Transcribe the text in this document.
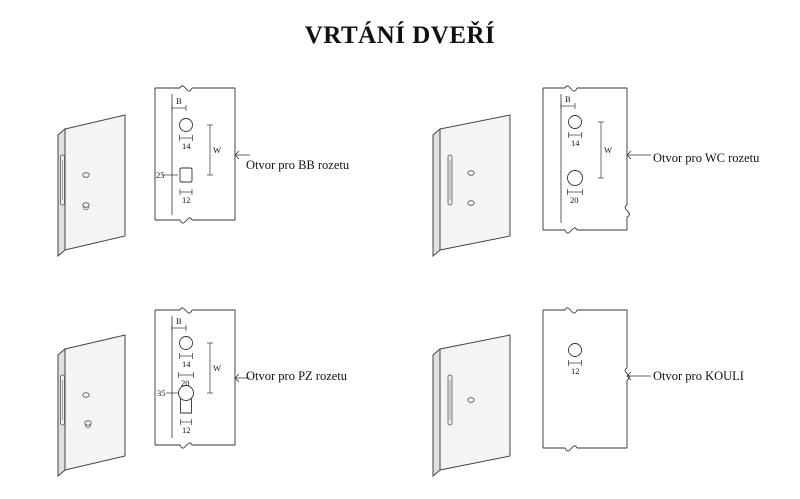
VRTÁNÍ DVEŘÍ
B
14
12
W
25
Otvor pro BB rozetu
B
14
20
W
Otvor pro WC rozetu
B
14
20
12
W
35
Otvor pro PZ rozetu	12	Otvor pro KOULI
